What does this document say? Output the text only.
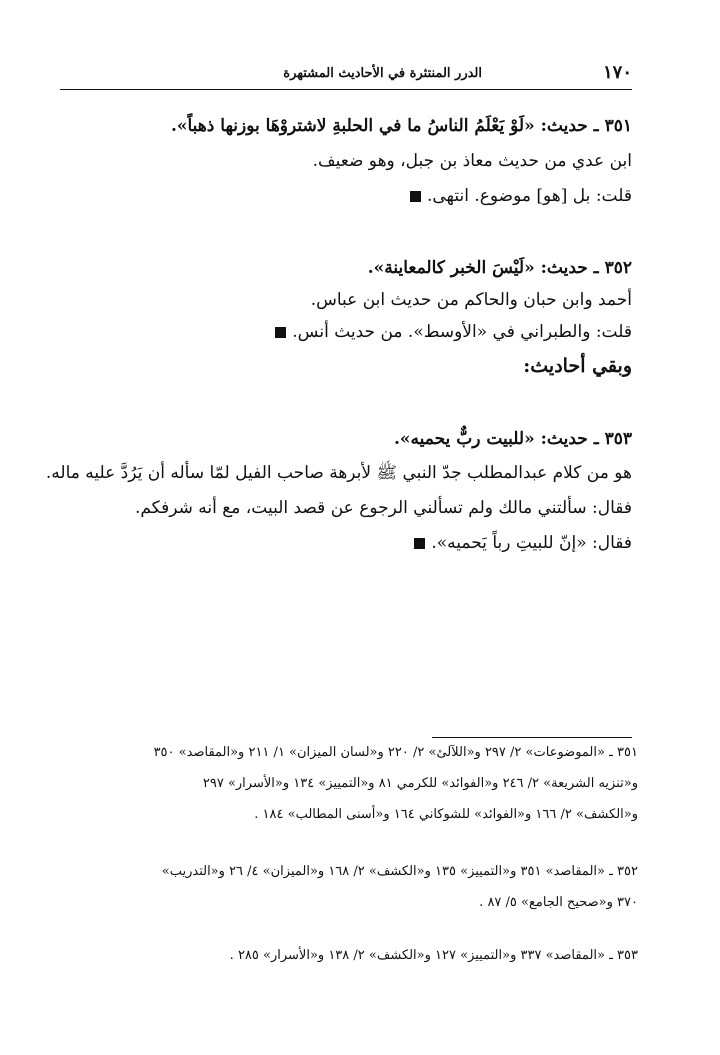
١٧٠
الدرر المنتثرة في الأحاديث المشتهرة
٣٥١ ـ حديث: «لَوْ يَعْلَمُ الناسُ ما في الحلبةِ لاشتروْهَا بوزنها ذهباً».
ابن عدي من حديث معاذ بن جبل، وهو ضعيف.
قلت: بل [هو] موضوع. انتهى.
٣٥٢ ـ حديث: «لَيْسَ الخبر كالمعاينة».
أحمد وابن حبان والحاكم من حديث ابن عباس.
قلت: والطبراني في «الأوسط». من حديث أنس.
وبقي أحاديث:
٣٥٣ ـ حديث: «للبيت ربٌّ يحميه».
هو من كلام عبدالمطلب جدّ النبي ﷺ لأبرهة صاحب الفيل لمّا سأله أن يَرُدَّ عليه ماله.
فقال: سألتني مالك ولم تسألني الرجوع عن قصد البيت، مع أنه شرفكم.
فقال: «إنّ للبيتِ رباً يَحميه».
٣٥١ ـ «الموضوعات» ٢/ ٢٩٧ و«اللآلئ» ٢/ ٢٢٠ و«لسان الميزان» ١/ ٢١١ و«المقاصد» ٣٥٠
و«تنزيه الشريعة» ٢/ ٢٤٦ و«الفوائد» للكرمي ٨١ و«التمييز» ١٣٤ و«الأسرار» ٢٩٧
و«الكشف» ٢/ ١٦٦ و«الفوائد» للشوكاني ١٦٤ و«أسنى المطالب» ١٨٤ .
٣٥٢ ـ «المقاصد» ٣٥١ و«التمييز» ١٣٥ و«الكشف» ٢/ ١٦٨ و«الميزان» ٤/ ٢٦ و«التدريب»
٣٧٠ و«صحيح الجامع» ٥/ ٨٧ .
٣٥٣ ـ «المقاصد» ٣٣٧ و«التمييز» ١٢٧ و«الكشف» ٢/ ١٣٨ و«الأسرار» ٢٨٥ .
